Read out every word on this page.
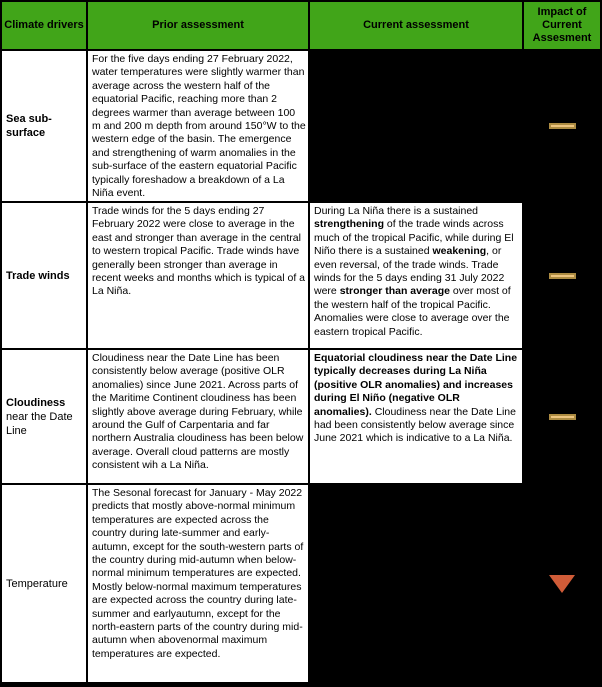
Climate drivers	Prior assessment	Current assessment
Impact of Current Assesment
Sea sub-surface
For the five days ending 27 February 2022, water temperatures were slightly warmer than average across the western half of the equatorial Pacific, reaching more than 2 degrees warmer than average between 100 m and 200 m depth from around 150°W to the western edge of the basin. The emergence and strengthening of warm anomalies in the sub-surface of the eastern equatorial Pacific typically foreshadow a breakdown of a La Niña event.
Trade winds
Trade winds for the 5 days ending 27 February 2022 were close to average in the east and stronger than average in the central to western tropical Pacific. Trade winds have generally been stronger than average in recent weeks and months which is typical of a La Niña.
During La Niña there is a sustained strengthening of the trade winds across much of the tropical Pacific, while during El Niño there is a sustained weakening, or even reversal, of the trade winds. Trade winds for the 5 days ending 31 July 2022 were stronger than average over most of the western half of the tropical Pacific. Anomalies were close to average over the eastern tropical Pacific.
Cloudiness near the Date Line
Cloudiness near the Date Line has been consistently below average (positive OLR anomalies) since June 2021. Across parts of the Maritime Continent cloudiness has been slightly above average during February, while around the Gulf of Carpentaria and far northern Australia cloudiness has been below average. Overall cloud patterns are mostly consistent wih a La Niña.
Equatorial cloudiness near the Date Line typically decreases during La Niña (positive OLR anomalies) and increases during El Niño (negative OLR anomalies). Cloudiness near the Date Line had been consistently below average since June 2021 which is indicative to a La Niña.
Temperature
The Sesonal forecast for January - May 2022 predicts that mostly above-normal minimum temperatures are expected across the country during late-summer and early-autumn, except for the south-western parts of the country during mid-autumn when below-normal minimum temperatures are expected. Mostly below-normal maximum temperatures are expected across the country during late-summer and earlyautumn, except for the north-eastern parts of the country during mid-autumn when abovenormal maximum temperatures are expected.
